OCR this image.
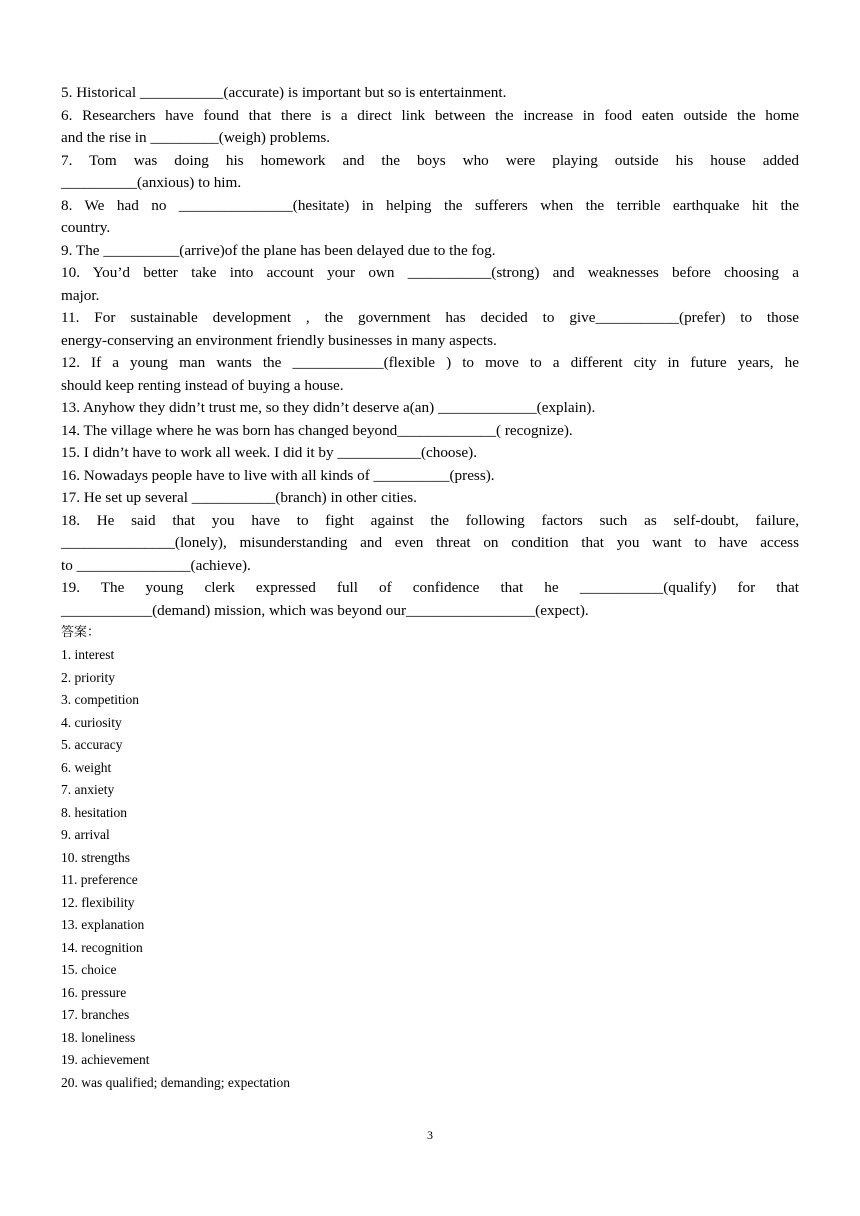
5. Historical ___________(accurate) is important but so is entertainment.

6. Researchers have found that there is a direct link between the increase in food eaten outside the home
and the rise in _________(weigh) problems.

7. Tom was doing his homework and the boys who were playing outside his house added
__________(anxious) to him.

8. We had no _______________(hesitate) in helping the sufferers when the terrible earthquake hit the
country.

9. The __________(arrive)of the plane has been delayed due to the fog.

10. You’d better take into account your own ___________(strong) and weaknesses before choosing a
major.

11. For sustainable development , the government has decided to give___________(prefer) to those
energy-conserving an environment friendly businesses in many aspects.

12. If a young man wants the ____________(flexible ) to move to a different city in future years, he
should keep renting instead of buying a house.

13. Anyhow they didn’t trust me, so they didn’t deserve a(an) _____________(explain).

14. The village where he was born has changed beyond_____________( recognize).

15. I didn’t have to work all week. I did it by ___________(choose).

16. Nowadays people have to live with all kinds of __________(press).

17. He set up several ___________(branch) in other cities.

18. He said that you have to fight against the following factors such as self-doubt, failure,
_______________(lonely), misunderstanding and even threat on condition that you want to have access
to _______________(achieve).

19. The young clerk expressed full of confidence that he ___________(qualify) for that
____________(demand) mission, which was beyond our_________________(expect).

答案：

1. interest

2. priority

3. competition

4. curiosity

5. accuracy

6. weight

7. anxiety

8. hesitation

9. arrival

10. strengths

11. preference

12. flexibility

13. explanation

14. recognition

15. choice

16. pressure

17. branches

18. loneliness

19. achievement

20. was qualified; demanding; expectation

3
